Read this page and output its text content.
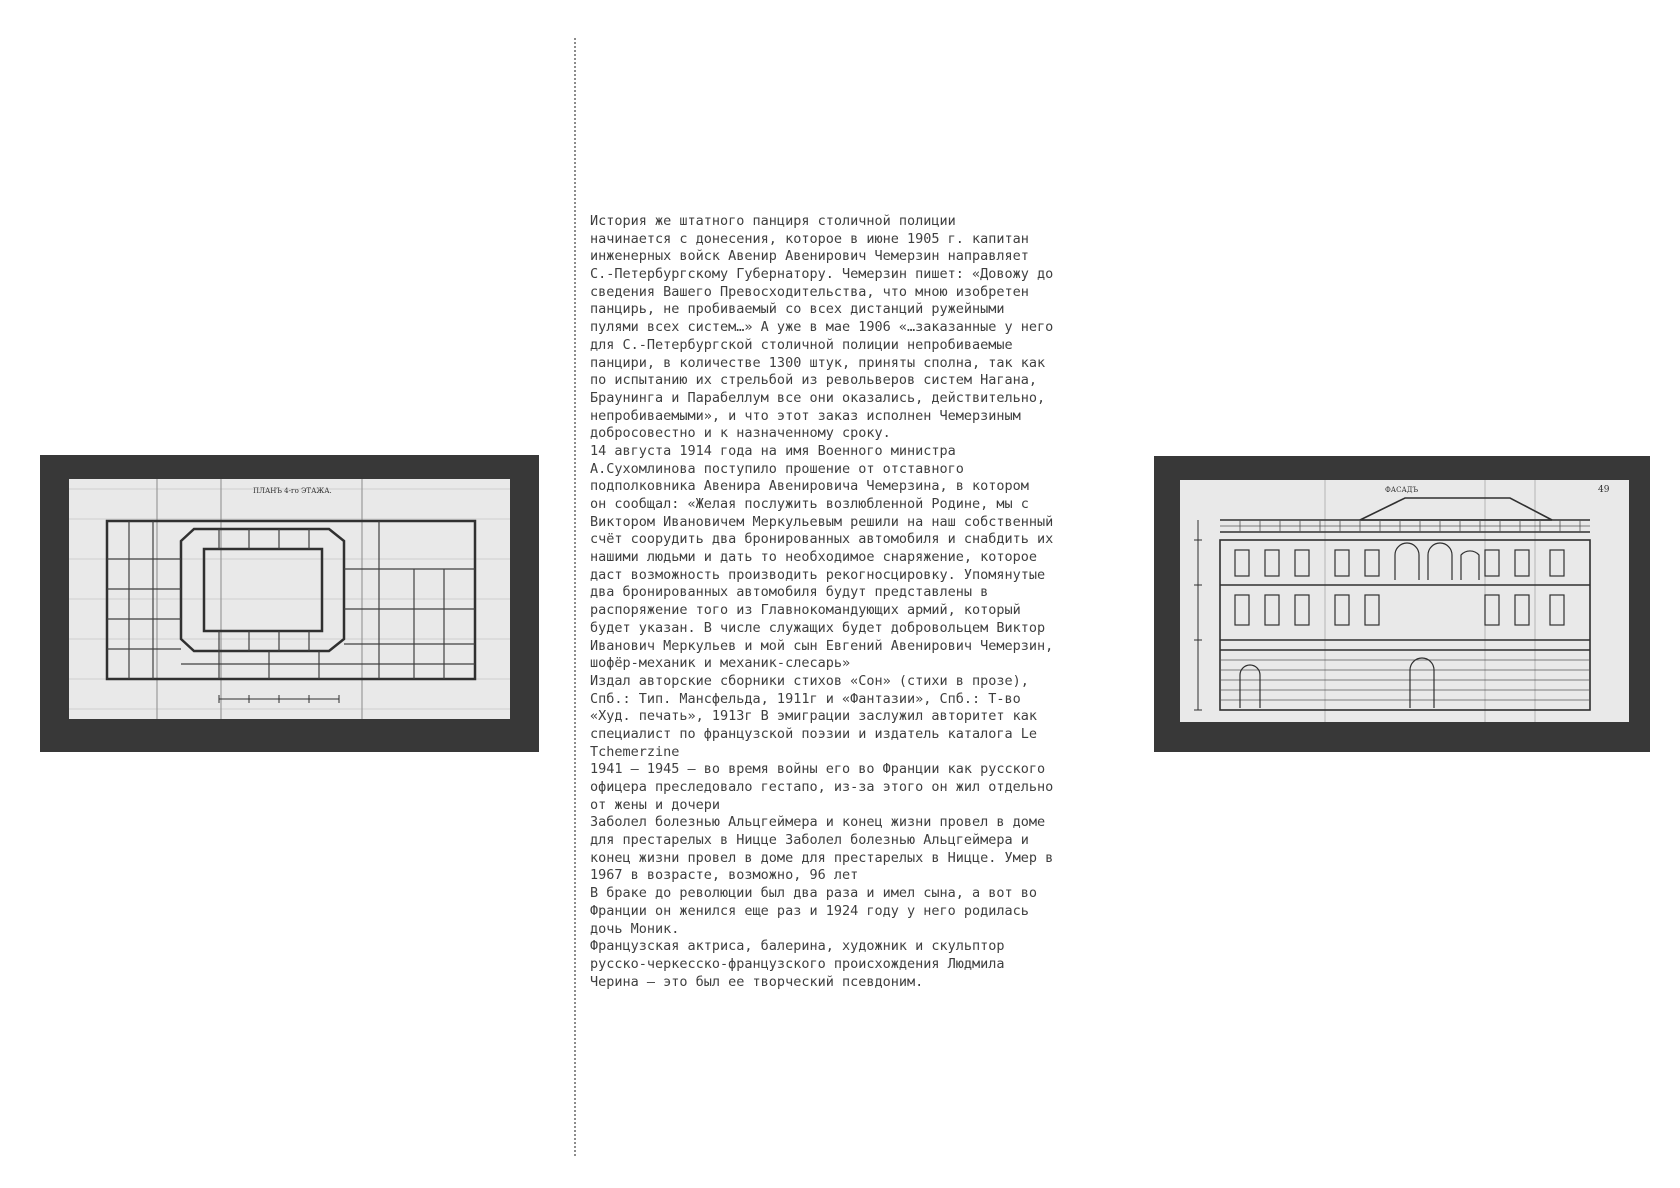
ПЛАНЪ 4-го ЭТАЖА.	ФАСАДЪ	49
История же штатного панциря столичной полиции
начинается с донесения, которое в июне 1905 г. капитан
инженерных войск Авенир Авенирович Чемерзин направляет
С.-Петербургскому Губернатору. Чемерзин пишет: «Довожу до
сведения Вашего Превосходительства, что мною изобретен
панцирь, не пробиваемый со всех дистанций ружейными
пулями всех систем…» А уже в мае 1906 «…заказанные у него
для С.-Петербургской столичной полиции непробиваемые
панцири, в количестве 1300 штук, приняты сполна, так как
по испытанию их стрельбой из револьверов систем Нагана,
Браунинга и Парабеллум все они оказались, действительно,
непробиваемыми», и что этот заказ исполнен Чемерзиным
добросовестно и к назначенному сроку.
14 августа 1914 года на имя Военного министра
А.Сухомлинова поступило прошение от отставного
подполковника Авенира Авенировича Чемерзина, в котором
он сообщал: «Желая послужить возлюбленной Родине, мы с
Виктором Ивановичем Меркульевым решили на наш собственный
счёт соорудить два бронированных автомобиля и снабдить их
нашими людьми и дать то необходимое снаряжение, которое
даст возможность производить рекогносцировку. Упомянутые
два бронированных автомобиля будут представлены в
распоряжение того из Главнокомандующих армий, который
будет указан. В числе служащих будет добровольцем Виктор
Иванович Меркульев и мой сын Евгений Авенирович Чемерзин,
шофёр-механик и механик-слесарь»
Издал авторские сборники стихов «Сон» (стихи в прозе),
Спб.: Тип. Мансфельда, 1911г и «Фантазии», Спб.: Т-во
«Худ. печать», 1913г В эмиграции заслужил авторитет как
специалист по французской поэзии и издатель каталога Le
Tchemerzine
1941 – 1945 – во время войны его во Франции как русского
офицера преследовало гестапо, из-за этого он жил отдельно
от жены и дочери
Заболел болезнью Альцгеймера и конец жизни провел в доме
для престарелых в Ницце Заболел болезнью Альцгеймера и
конец жизни провел в доме для престарелых в Ницце. Умер в
1967 в возрасте, возможно, 96 лет
В браке до революции был два раза и имел сына, а вот во
Франции он женился еще раз и 1924 году у него родилась
дочь Моник.
Французская актриса, балерина, художник и скульптор
русско-черкесско-французского происхождения Людмила
Черина – это был ее творческий псевдоним.
